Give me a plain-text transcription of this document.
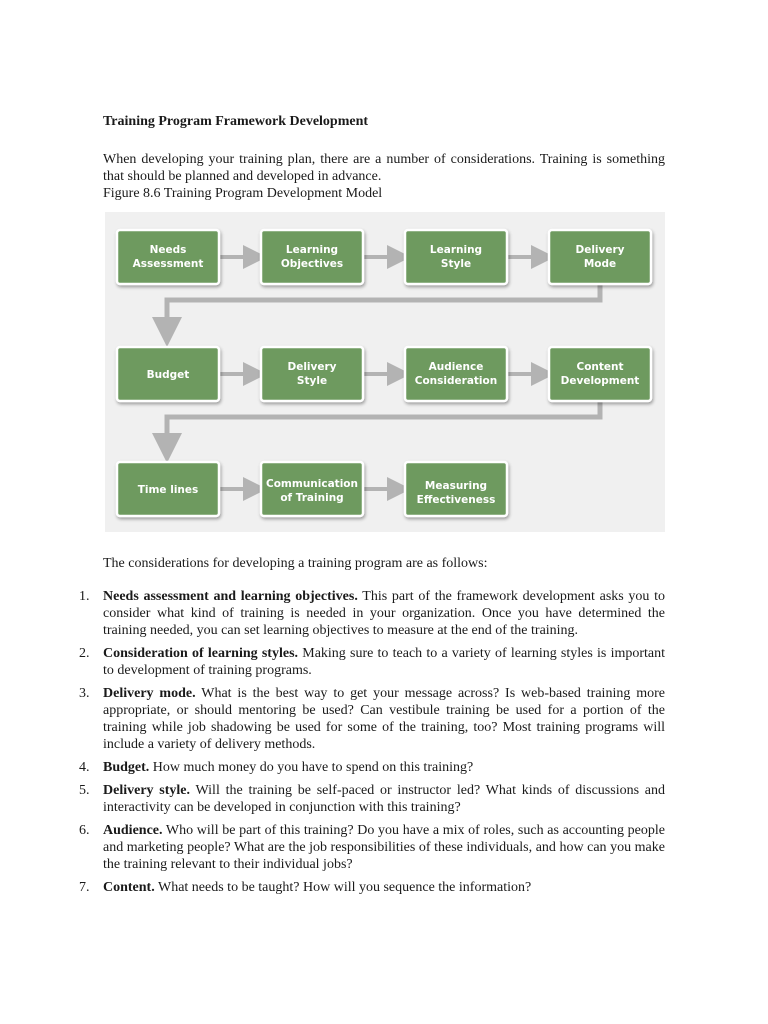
Training Program Framework Development
When developing your training plan, there are a number of considerations. Training is something that should be planned and developed in advance.
Figure 8.6 Training Program Development Model
Needs
Assessment
Learning
Objectives
Learning
Style
Delivery
Mode
Budget
Delivery
Style
Audience
Consideration
Content
Development
Time lines	Communication
of Training
Measuring
Effectiveness
The considerations for developing a training program are as follows:
1. Needs assessment and learning objectives. This part of the framework development asks you to consider what kind of training is needed in your organization. Once you have determined the training needed, you can set learning objectives to measure at the end of the training.
2. Consideration of learning styles. Making sure to teach to a variety of learning styles is important to development of training programs.
3. Delivery mode. What is the best way to get your message across? Is web-based training more appropriate, or should mentoring be used? Can vestibule training be used for a portion of the training while job shadowing be used for some of the training, too? Most training programs will include a variety of delivery methods.
4. Budget. How much money do you have to spend on this training?
5. Delivery style. Will the training be self-paced or instructor led? What kinds of discussions and interactivity can be developed in conjunction with this training?
6. Audience. Who will be part of this training? Do you have a mix of roles, such as accounting people and marketing people? What are the job responsibilities of these individuals, and how can you make the training relevant to their individual jobs?
7. Content. What needs to be taught? How will you sequence the information?
